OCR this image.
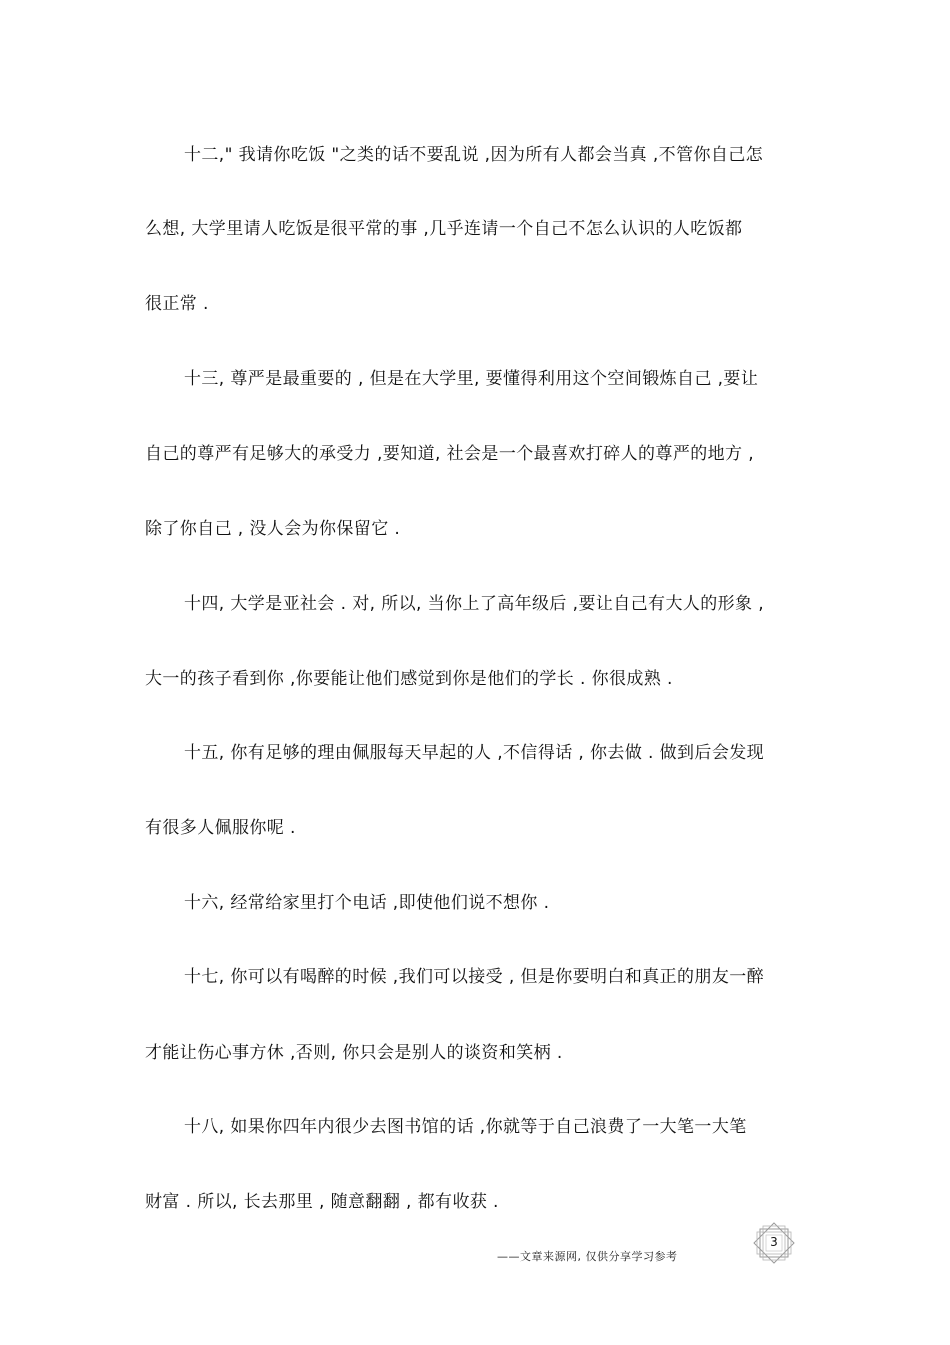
十二," 我请你吃饭 "之类的话不要乱说 ,因为所有人都会当真 ,不管你自己怎
么想, 大学里请人吃饭是很平常的事 ,几乎连请一个自己不怎么认识的人吃饭都
很正常 .
十三, 尊严是最重要的 , 但是在大学里, 要懂得利用这个空间锻炼自己 ,要让
自己的尊严有足够大的承受力 ,要知道, 社会是一个最喜欢打碎人的尊严的地方 ,
除了你自己 , 没人会为你保留它 .
十四, 大学是亚社会 . 对, 所以, 当你上了高年级后 ,要让自己有大人的形象 ,
大一的孩子看到你 ,你要能让他们感觉到你是他们的学长 . 你很成熟 .
十五, 你有足够的理由佩服每天早起的人 ,不信得话 , 你去做 . 做到后会发现
有很多人佩服你呢 .
十六, 经常给家里打个电话 ,即使他们说不想你 .
十七, 你可以有喝醉的时候 ,我们可以接受 , 但是你要明白和真正的朋友一醉
才能让伤心事方休 ,否则, 你只会是别人的谈资和笑柄 .
十八, 如果你四年内很少去图书馆的话 ,你就等于自己浪费了一大笔一大笔
财富 . 所以, 长去那里 , 随意翻翻 , 都有收获 .
3
——文章来源网, 仅供分享学习参考
